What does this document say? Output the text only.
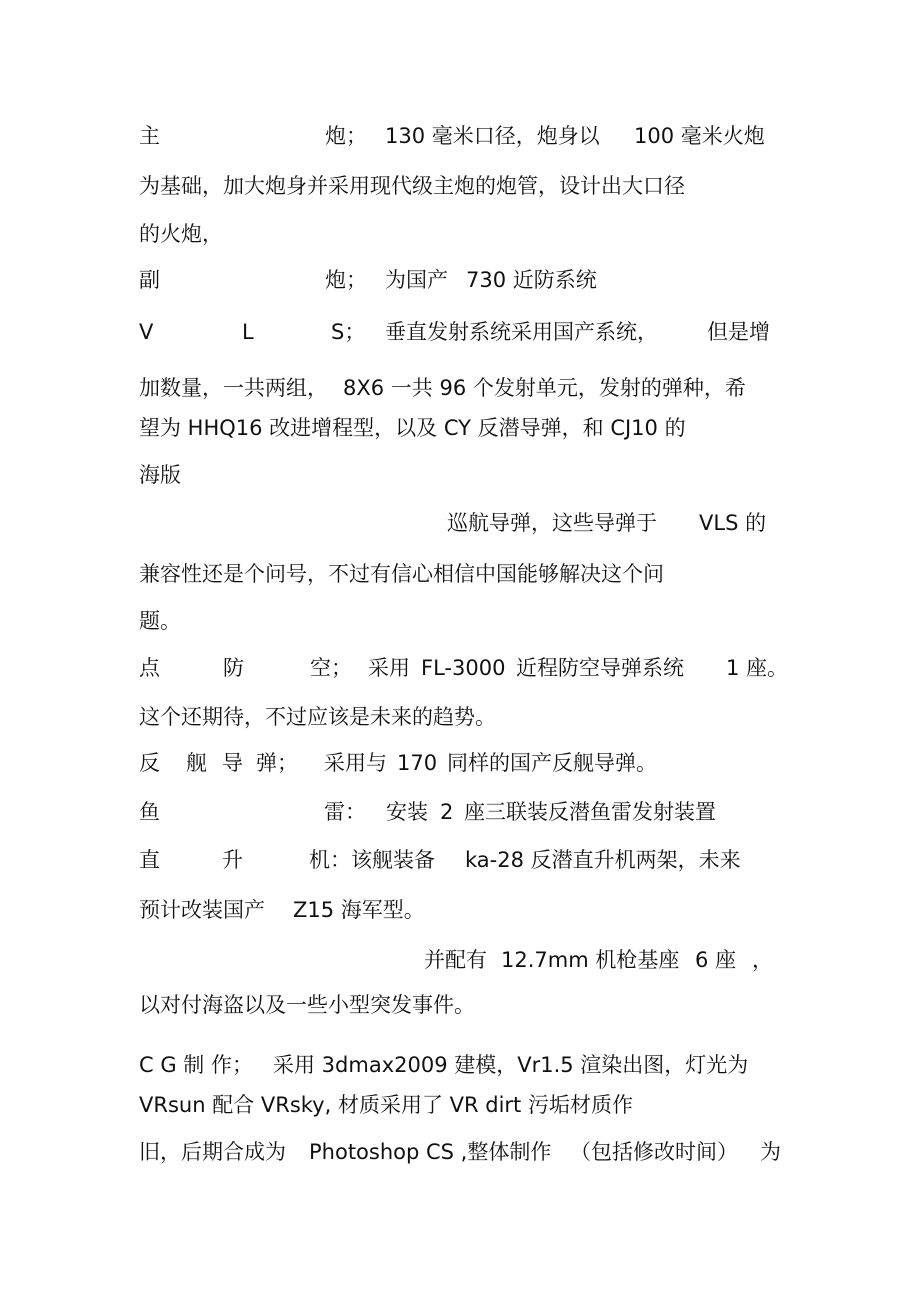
主	炮； 130 毫米口径，炮身以 100 毫米火炮
为基础，加大炮身并采用现代级主炮的炮管，设计出大口径
的火炮，
副	炮； 为国产 730 近防系统
V	L	S； 垂直发射系统采用国产系统， 但是增
加数量，一共两组， 8X6 一共 96 个发射单元，发射的弹种，希
望为 HHQ16 改进增程型，以及 CY 反潜导弹，和 CJ10 的
海版
巡航导弹，这些导弹于 VLS 的
兼容性还是个问号，不过有信心相信中国能够解决这个问
题。
点	防	空； 采用 FL-3000 近程防空导弹系统 1 座。
这个还期待，不过应该是未来的趋势。
反 舰 导 弹； 采用与 170 同样的国产反舰导弹。
鱼	雷： 安装 2 座三联装反潜鱼雷发射装置
直	升	机：该舰装备 ka-28 反潜直升机两架，未来
预计改装国产 Z15 海军型。
并配有 12.7mm 机枪基座 6 座 ，
以对付海盗以及一些小型突发事件。
C G 制 作； 采用 3dmax2009 建模，Vr1.5 渲染出图，灯光为
VRsun 配合 VRsky, 材质采用了 VR dirt 污垢材质作
旧，后期合成为 Photoshop CS ,整体制作 （包括修改时间） 为
